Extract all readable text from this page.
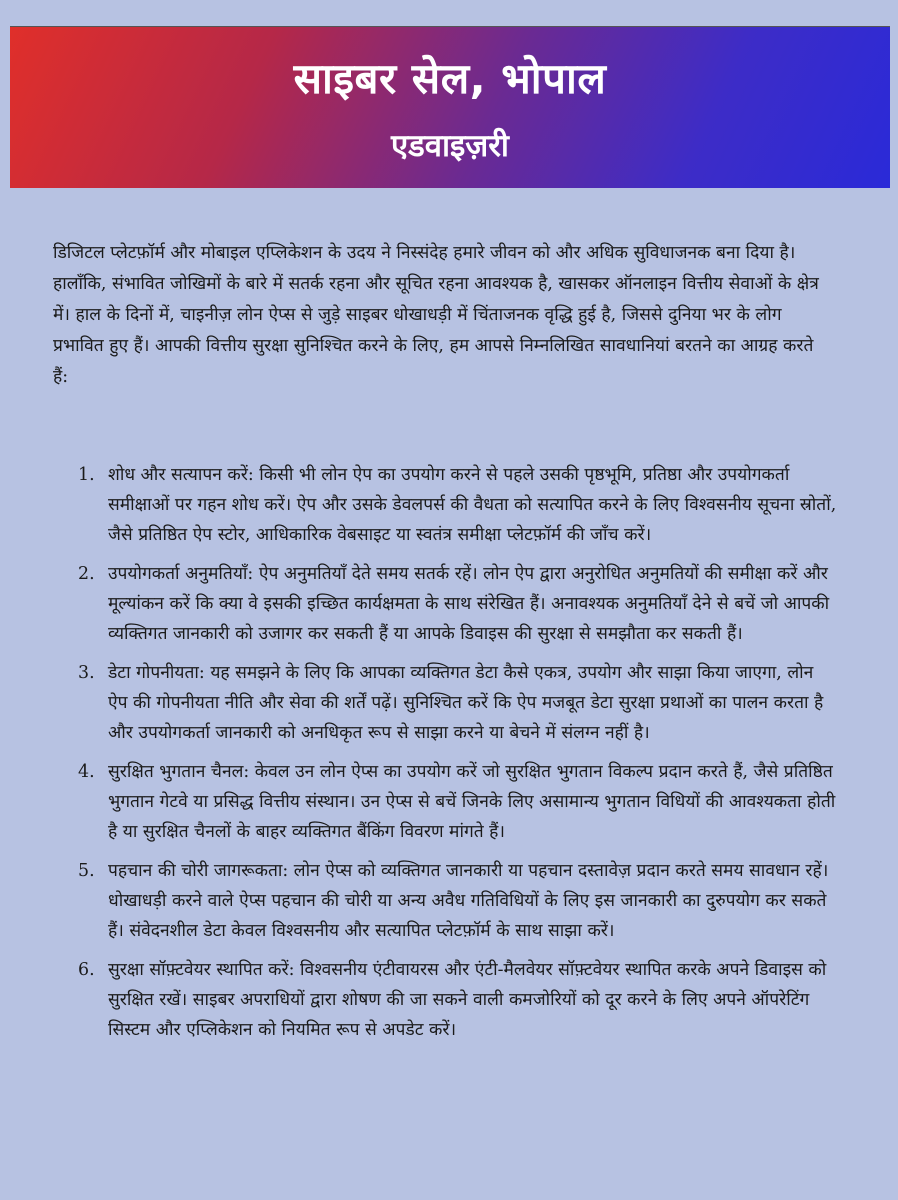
साइबर सेल, भोपाल
एडवाइज़री

डिजिटल प्लेटफ़ॉर्म और मोबाइल एप्लिकेशन के उदय ने निस्संदेह हमारे जीवन को और अधिक सुविधाजनक बना दिया है। हालाँकि, संभावित जोखिमों के बारे में सतर्क रहना और सूचित रहना आवश्यक है, खासकर ऑनलाइन वित्तीय सेवाओं के क्षेत्र में। हाल के दिनों में, चाइनीज़ लोन ऐप्स से जुड़े साइबर धोखाधड़ी में चिंताजनक वृद्धि हुई है, जिससे दुनिया भर के लोग प्रभावित हुए हैं। आपकी वित्तीय सुरक्षा सुनिश्चित करने के लिए, हम आपसे निम्नलिखित सावधानियां बरतने का आग्रह करते हैं:

1. शोध और सत्यापन करें: किसी भी लोन ऐप का उपयोग करने से पहले उसकी पृष्ठभूमि, प्रतिष्ठा और उपयोगकर्ता समीक्षाओं पर गहन शोध करें। ऐप और उसके डेवलपर्स की वैधता को सत्यापित करने के लिए विश्वसनीय सूचना स्रोतों, जैसे प्रतिष्ठित ऐप स्टोर, आधिकारिक वेबसाइट या स्वतंत्र समीक्षा प्लेटफ़ॉर्म की जाँच करें।
2. उपयोगकर्ता अनुमतियाँ: ऐप अनुमतियाँ देते समय सतर्क रहें। लोन ऐप द्वारा अनुरोधित अनुमतियों की समीक्षा करें और मूल्यांकन करें कि क्या वे इसकी इच्छित कार्यक्षमता के साथ संरेखित हैं। अनावश्यक अनुमतियाँ देने से बचें जो आपकी व्यक्तिगत जानकारी को उजागर कर सकती हैं या आपके डिवाइस की सुरक्षा से समझौता कर सकती हैं।
3. डेटा गोपनीयता: यह समझने के लिए कि आपका व्यक्तिगत डेटा कैसे एकत्र, उपयोग और साझा किया जाएगा, लोन ऐप की गोपनीयता नीति और सेवा की शर्तें पढ़ें। सुनिश्चित करें कि ऐप मजबूत डेटा सुरक्षा प्रथाओं का पालन करता है और उपयोगकर्ता जानकारी को अनधिकृत रूप से साझा करने या बेचने में संलग्न नहीं है।
4. सुरक्षित भुगतान चैनल: केवल उन लोन ऐप्स का उपयोग करें जो सुरक्षित भुगतान विकल्प प्रदान करते हैं, जैसे प्रतिष्ठित भुगतान गेटवे या प्रसिद्ध वित्तीय संस्थान। उन ऐप्स से बचें जिनके लिए असामान्य भुगतान विधियों की आवश्यकता होती है या सुरक्षित चैनलों के बाहर व्यक्तिगत बैंकिंग विवरण मांगते हैं।
5. पहचान की चोरी जागरूकता: लोन ऐप्स को व्यक्तिगत जानकारी या पहचान दस्तावेज़ प्रदान करते समय सावधान रहें। धोखाधड़ी करने वाले ऐप्स पहचान की चोरी या अन्य अवैध गतिविधियों के लिए इस जानकारी का दुरुपयोग कर सकते हैं। संवेदनशील डेटा केवल विश्वसनीय और सत्यापित प्लेटफ़ॉर्म के साथ साझा करें।
6. सुरक्षा सॉफ़्टवेयर स्थापित करें: विश्वसनीय एंटीवायरस और एंटी-मैलवेयर सॉफ़्टवेयर स्थापित करके अपने डिवाइस को सुरक्षित रखें। साइबर अपराधियों द्वारा शोषण की जा सकने वाली कमजोरियों को दूर करने के लिए अपने ऑपरेटिंग सिस्टम और एप्लिकेशन को नियमित रूप से अपडेट करें।
